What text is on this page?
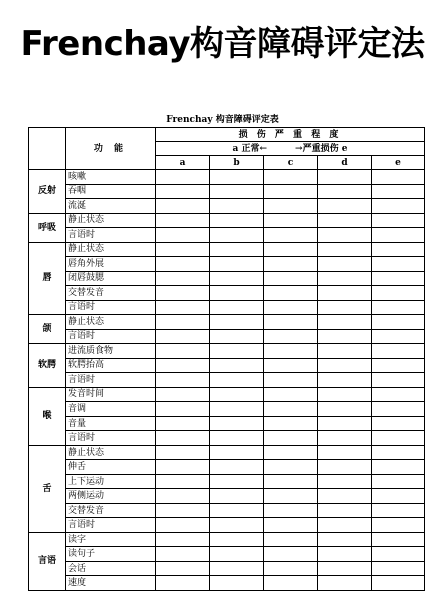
Frenchay构音障碍评定法
Frenchay 构音障碍评定表
	功 能	损 伤 严 重 程 度				
		a 正常← →严重损伤 e				
		a	b	c	d	e
反射	咳嗽					
	吞咽					
	流涎					
呼吸	静止状态					
	言语时					
唇	静止状态					
	唇角外展					
	闭唇鼓腮					
	交替发音					
	言语时					
颌	静止状态					
	言语时					
软腭	进流质食物					
	软腭抬高					
	言语时					
喉	发音时间					
	音调					
	音量					
	言语时					
舌	静止状态					
	伸舌					
	上下运动					
	两侧运动					
	交替发音					
	言语时					
言语	读字					
	读句子					
	会话					
	速度					
